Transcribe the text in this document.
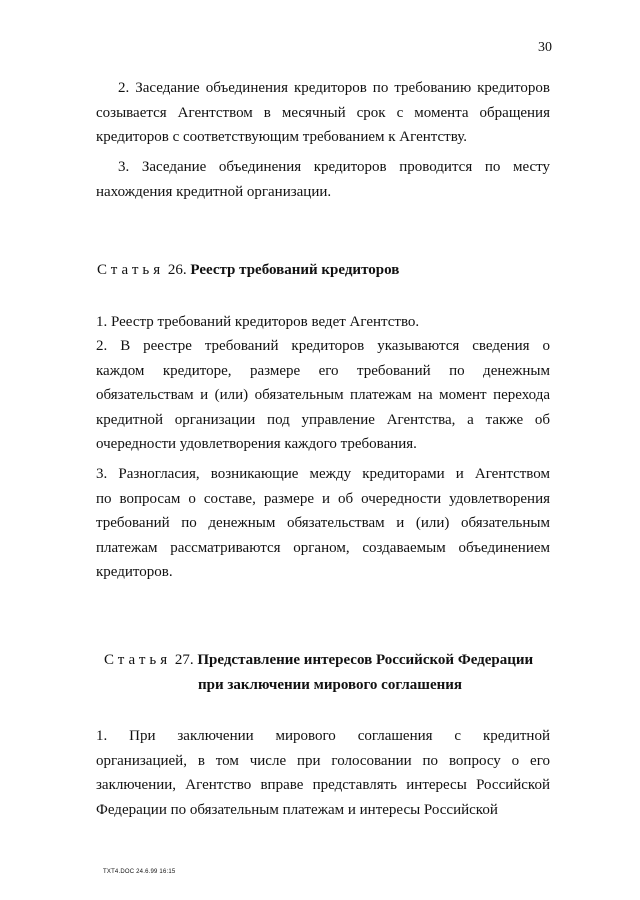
30

2. Заседание объединения кредиторов по требованию кредиторов
созывается Агентством в месячный срок с момента обращения кредиторов с соответствующим требованием к Агентству.

3. Заседание объединения кредиторов проводится по месту
нахождения кредитной организации.

Статья 26. Реестр требований кредиторов

1. Реестр требований кредиторов ведет Агентство.

2. В реестре требований кредиторов указываются сведения о
каждом кредиторе, размере его требований по денежным обязательствам и (или) обязательным платежам на момент перехода кредитной организации под управление Агентства, а также об очередности удовлетворения каждого требования.

3. Разногласия, возникающие между кредиторами и Агентством
по вопросам о составе, размере и об очередности удовлетворения требований по денежным обязательствам и (или) обязательным платежам рассматриваются органом, создаваемым объединением кредиторов.

Статья 27. Представление интересов Российской Федерации
при заключении мирового соглашения

1. При заключении мирового соглашения с кредитной
организацией, в том числе при голосовании по вопросу о его заключении, Агентство вправе представлять интересы Российской Федерации по обязательным платежам и интересы Российской

TXT4.DOC 24.6.99 16:15
